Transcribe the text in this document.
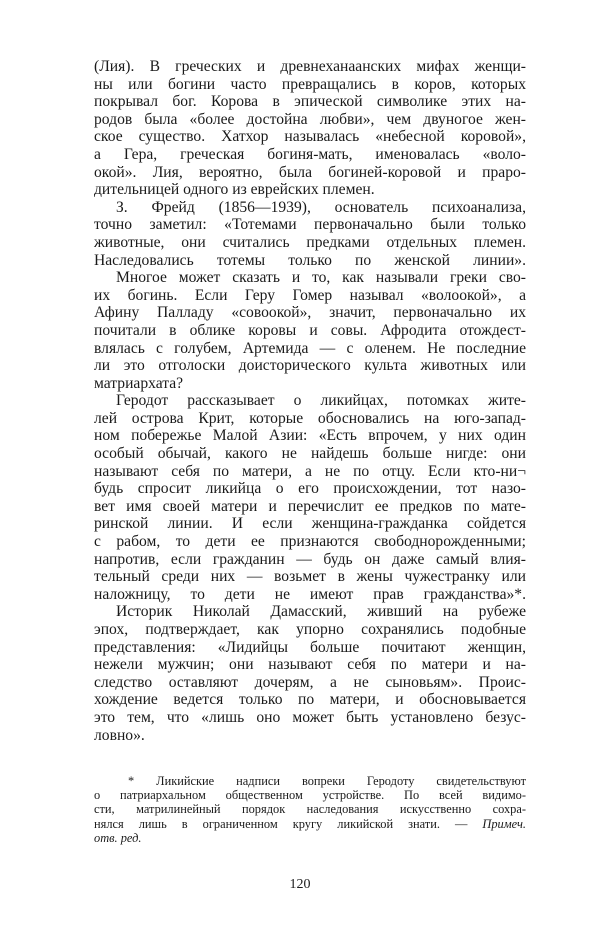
(Лия). В греческих и древнеханаанских мифах женщи-
ны или богини часто превращались в коров, которых
покрывал бог. Корова в эпической символике этих на-
родов была «более достойна любви», чем двуногое жен-
ское существо. Хатхор называлась «небесной коровой»,
а Гера, греческая богиня-мать, именовалась «воло-
окой». Лия, вероятно, была богиней-коровой и прaро-
дительницей одного из еврейских племен.
З. Фрейд (1856—1939), основатель психоанализа,
точно заметил: «Тотемами первоначально были только
животные, они считались предками отдельных племен.
Наследовались тотемы только по женской линии».
Многое может сказать и то, как называли греки сво-
их богинь. Если Геру Гомер называл «волоокой», а
Афину Палладу «совоокой», значит, первоначально их
почитали в облике коровы и совы. Афродита отождест-
влялась с голубем, Артемида — с оленем. Не последние
ли это отголоски доисторического культа животных или
матриархата?
Геродот рассказывает о ликийцах, потомках жите-
лей острова Крит, которые обосновались на юго-запад-
ном побережье Малой Азии: «Есть впрочем, у них один
особый обычай, какого не найдешь больше нигде: они
называют себя по матери, а не по отцу. Если кто-ни¬
будь спросит ликийца о его происхождении, тот назо-
вет имя своей матери и перечислит ее предков по мате-
ринской линии. И если женщина-гражданка сойдется
с рабом, то дети ее признаются свободнорожденными;
напротив, если гражданин — будь он даже самый влия-
тельный среди них — возьмет в жены чужестранку или
наложницу, то дети не имеют прав гражданства»*.
Историк Николай Дамасский, живший на рубеже
эпох, подтверждает, как упорно сохранялись подобные
представления: «Лидийцы больше почитают женщин,
нежели мужчин; они называют себя по матери и на-
следство оставляют дочерям, а не сыновьям». Проис-
хождение ведется только по матери, и обосновывается
это тем, что «лишь оно может быть установлено безус-
ловно».
* Ликийские надписи вопреки Геродоту свидетельствуют
о патриархальном общественном устройстве. По всей видимо-
сти, матрилинейный порядок наследования искусственно сохра-
нялся лишь в ограниченном кругу ликийской знати. — Примеч.
отв. ред.
120
